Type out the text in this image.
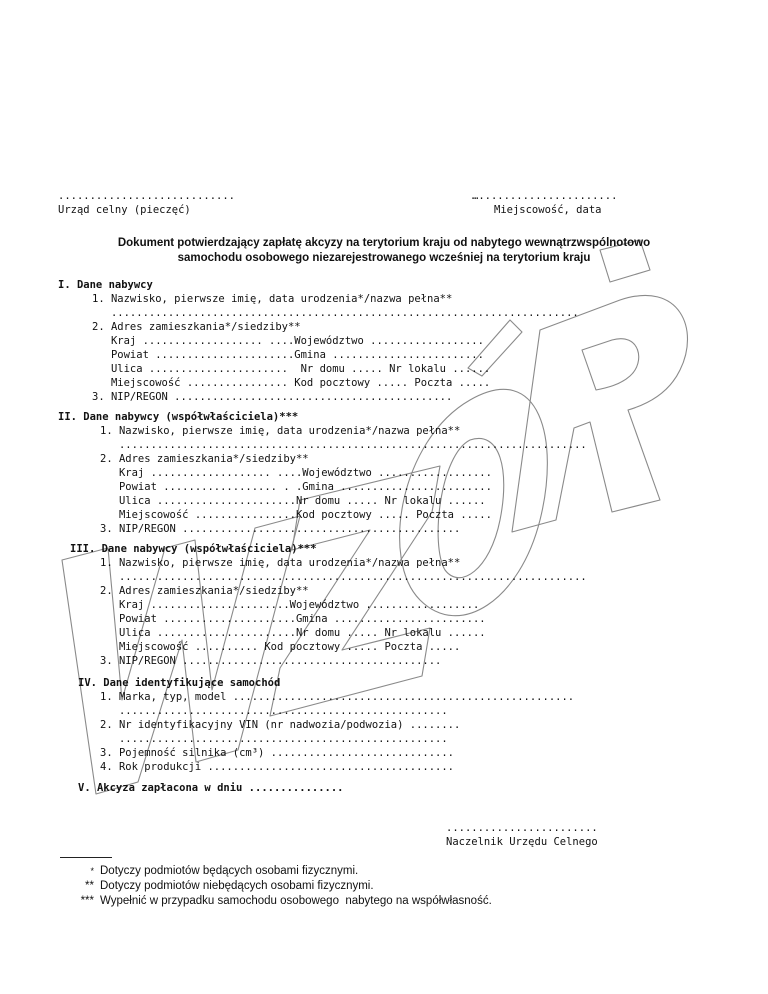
............................
Urząd celny (pieczęć)
…......................
Miejscowość, data
Dokument potwierdzający zapłatę akcyzy na terytorium kraju od nabytego wewnątrzwspólnotowo
samochodu osobowego niezarejestrowanego wcześniej na terytorium kraju

I. Dane nabywcy

1. Nazwisko, pierwsze imię, data urodzenia*/nazwa pełna**

..........................................................................

2. Adres zamieszkania*/siedziby**

Kraj ................... ....Województwo ..................

Powiat ......................Gmina ........................

Ulica ......................  Nr domu ..... Nr lokalu ......

Miejscowość ................ Kod pocztowy ..... Poczta .....

3. NIP/REGON ............................................

II. Dane nabywcy (współwłaściciela)***

1. Nazwisko, pierwsze imię, data urodzenia*/nazwa pełna**

..........................................................................

2. Adres zamieszkania*/siedziby**

Kraj ................... ....Województwo ..................

Powiat .................. . .Gmina ........................

Ulica ......................Nr domu ..... Nr lokalu ......

Miejscowość ................Kod pocztowy ..... Poczta .....

3. NIP/REGON ............................................

III. Dane nabywcy (współwłaściciela)***

1. Nazwisko, pierwsze imię, data urodzenia*/nazwa pełna**

..........................................................................

2. Adres zamieszkania*/siedziby**

Kraj ......................Województwo ..................

Powiat .....................Gmina ........................

Ulica ......................Nr domu ..... Nr lokalu ......

Miejscowość .......... Kod pocztowy ..... Poczta .....

3. NIP/REGON .........................................

IV. Dane identyfikujące samochód

1. Marka, typ, model ......................................................

....................................................

2. Nr identyfikacyjny VIN (nr nadwozia/podwozia) ........

....................................................

3. Pojemność silnika (cm³) .............................

4. Rok produkcji .......................................

V. Akcyza zapłacona w dniu ...............
........................
Naczelnik Urzędu Celnego
* Dotyczy podmiotów będących osobami fizycznymi.
** Dotyczy podmiotów niebędących osobami fizycznymi.
*** Wypełnić w przypadku samochodu osobowego  nabytego na współwłasność.
